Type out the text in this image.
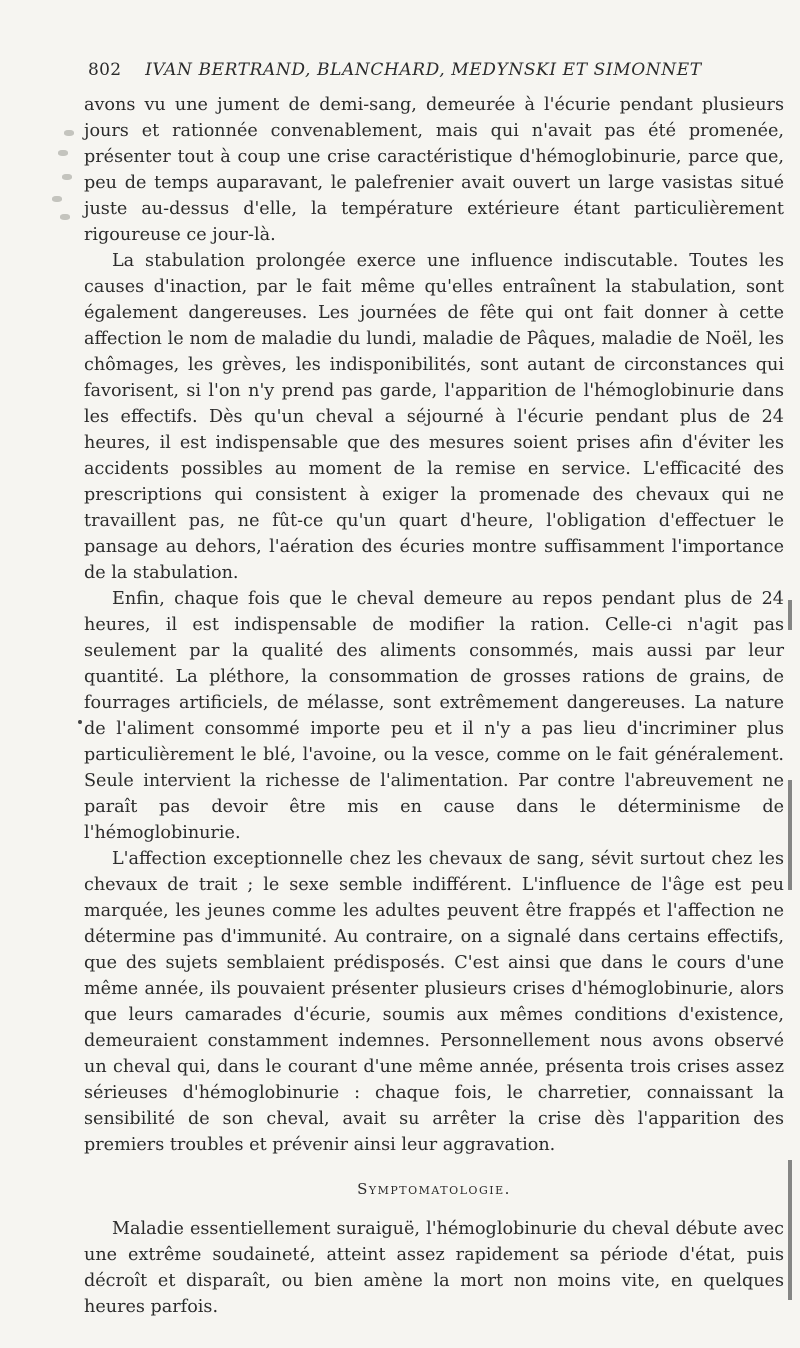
802 IVAN BERTRAND, BLANCHARD, MEDYNSKI ET SIMONNET

avons vu une jument de demi-sang, demeurée à l'écurie pendant plusieurs jours et rationnée convenablement, mais qui n'avait pas été promenée, présenter tout à coup une crise caractéristique d'hémoglobinurie, parce que, peu de temps auparavant, le palefrenier avait ouvert un large vasistas situé juste au-dessus d'elle, la température extérieure étant particulièrement rigoureuse ce jour-là.

La stabulation prolongée exerce une influence indiscutable. Toutes les causes d'inaction, par le fait même qu'elles entraînent la stabulation, sont également dangereuses. Les journées de fête qui ont fait donner à cette affection le nom de maladie du lundi, maladie de Pâques, maladie de Noël, les chômages, les grèves, les indisponibilités, sont autant de circonstances qui favorisent, si l'on n'y prend pas garde, l'apparition de l'hémoglobinurie dans les effectifs. Dès qu'un cheval a séjourné à l'écurie pendant plus de 24 heures, il est indispensable que des mesures soient prises afin d'éviter les accidents possibles au moment de la remise en service. L'efficacité des prescriptions qui consistent à exiger la promenade des chevaux qui ne travaillent pas, ne fût-ce qu'un quart d'heure, l'obligation d'effectuer le pansage au dehors, l'aération des écuries montre suffisamment l'importance de la stabulation.

Enfin, chaque fois que le cheval demeure au repos pendant plus de 24 heures, il est indispensable de modifier la ration. Celle-ci n'agit pas seulement par la qualité des aliments consommés, mais aussi par leur quantité. La pléthore, la consommation de grosses rations de grains, de fourrages artificiels, de mélasse, sont extrêmement dangereuses. La nature de l'aliment consommé importe peu et il n'y a pas lieu d'incriminer plus particulièrement le blé, l'avoine, ou la vesce, comme on le fait généralement. Seule intervient la richesse de l'alimentation. Par contre l'abreuvement ne paraît pas devoir être mis en cause dans le déterminisme de l'hémoglobinurie.

L'affection exceptionnelle chez les chevaux de sang, sévit surtout chez les chevaux de trait ; le sexe semble indifférent. L'influence de l'âge est peu marquée, les jeunes comme les adultes peuvent être frappés et l'affection ne détermine pas d'immunité. Au contraire, on a signalé dans certains effectifs, que des sujets semblaient prédisposés. C'est ainsi que dans le cours d'une même année, ils pouvaient présenter plusieurs crises d'hémoglobinurie, alors que leurs camarades d'écurie, soumis aux mêmes conditions d'existence, demeuraient constamment indemnes. Personnellement nous avons observé un cheval qui, dans le courant d'une même année, présenta trois crises assez sérieuses d'hémoglobinurie : chaque fois, le charretier, connaissant la sensibilité de son cheval, avait su arrêter la crise dès l'apparition des premiers troubles et prévenir ainsi leur aggravation.

Symptomatologie.

Maladie essentiellement suraiguë, l'hémoglobinurie du cheval débute avec une extrême soudaineté, atteint assez rapidement sa période d'état, puis décroît et disparaît, ou bien amène la mort non moins vite, en quelques heures parfois.
